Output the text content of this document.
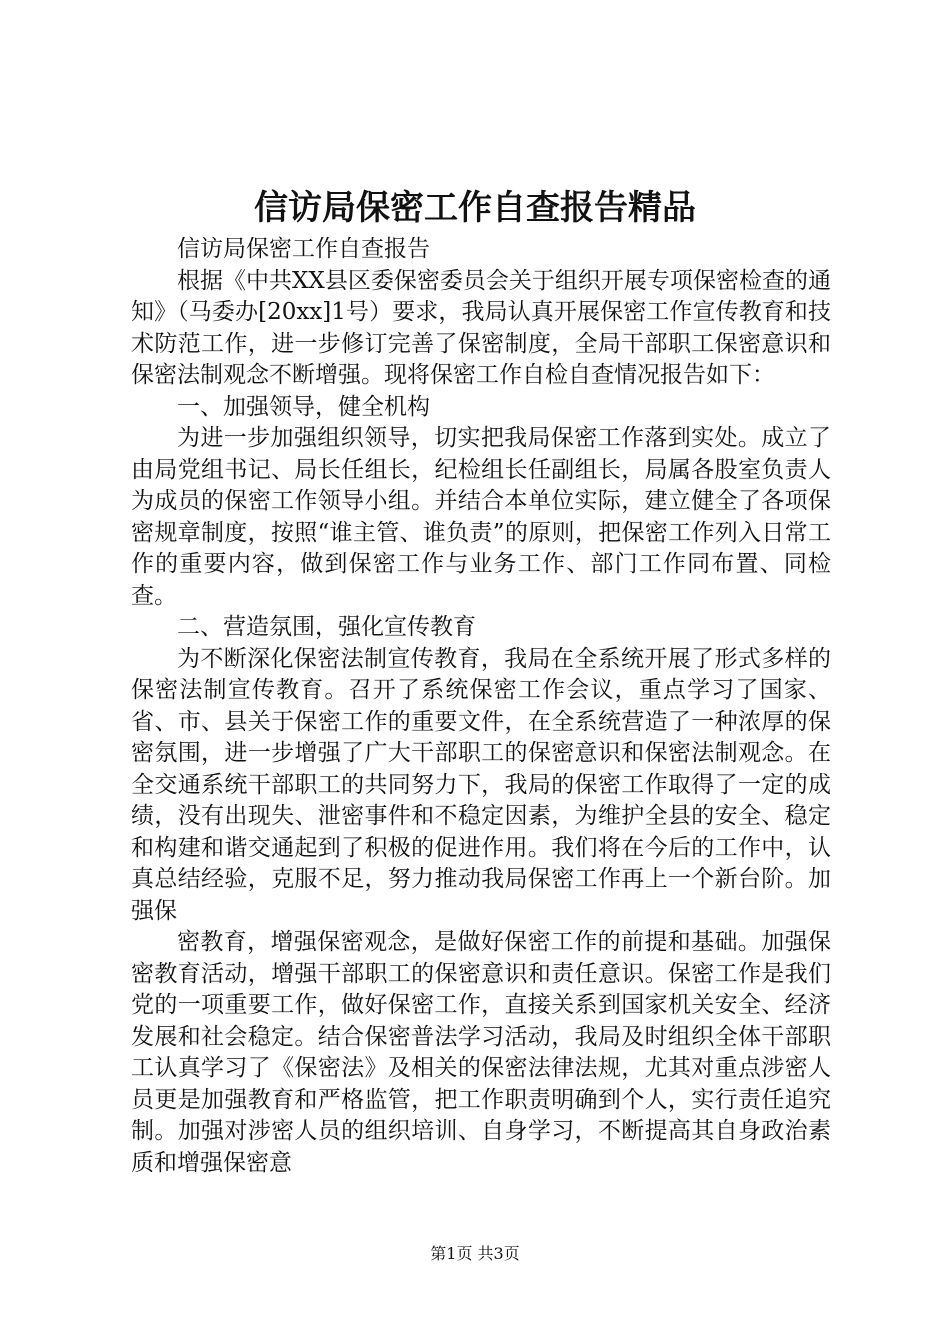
信访局保密工作自查报告精品

信访局保密工作自查报告

根据《中共XX县区委保密委员会关于组织开展专项保密检查的通知》（马委办[20xx]1号）要求，我局认真开展保密工作宣传教育和技术防范工作，进一步修订完善了保密制度，全局干部职工保密意识和保密法制观念不断增强。现将保密工作自检自查情况报告如下：

一、加强领导，健全机构

为进一步加强组织领导，切实把我局保密工作落到实处。成立了由局党组书记、局长任组长，纪检组长任副组长，局属各股室负责人为成员的保密工作领导小组。并结合本单位实际，建立健全了各项保密规章制度，按照“谁主管、谁负责”的原则，把保密工作列入日常工作的重要内容，做到保密工作与业务工作、部门工作同布置、同检查。

二、营造氛围，强化宣传教育

为不断深化保密法制宣传教育，我局在全系统开展了形式多样的保密法制宣传教育。召开了系统保密工作会议，重点学习了国家、省、市、县关于保密工作的重要文件，在全系统营造了一种浓厚的保密氛围，进一步增强了广大干部职工的保密意识和保密法制观念。在全交通系统干部职工的共同努力下，我局的保密工作取得了一定的成绩，没有出现失、泄密事件和不稳定因素，为维护全县的安全、稳定和构建和谐交通起到了积极的促进作用。我们将在今后的工作中，认真总结经验，克服不足，努力推动我局保密工作再上一个新台阶。加强保

密教育，增强保密观念，是做好保密工作的前提和基础。加强保密教育活动，增强干部职工的保密意识和责任意识。保密工作是我们党的一项重要工作，做好保密工作，直接关系到国家机关安全、经济发展和社会稳定。结合保密普法学习活动，我局及时组织全体干部职工认真学习了《保密法》及相关的保密法律法规，尤其对重点涉密人员更是加强教育和严格监管，把工作职责明确到个人，实行责任追究制。加强对涉密人员的组织培训、自身学习，不断提高其自身政治素质和增强保密意

第1页 共3页
